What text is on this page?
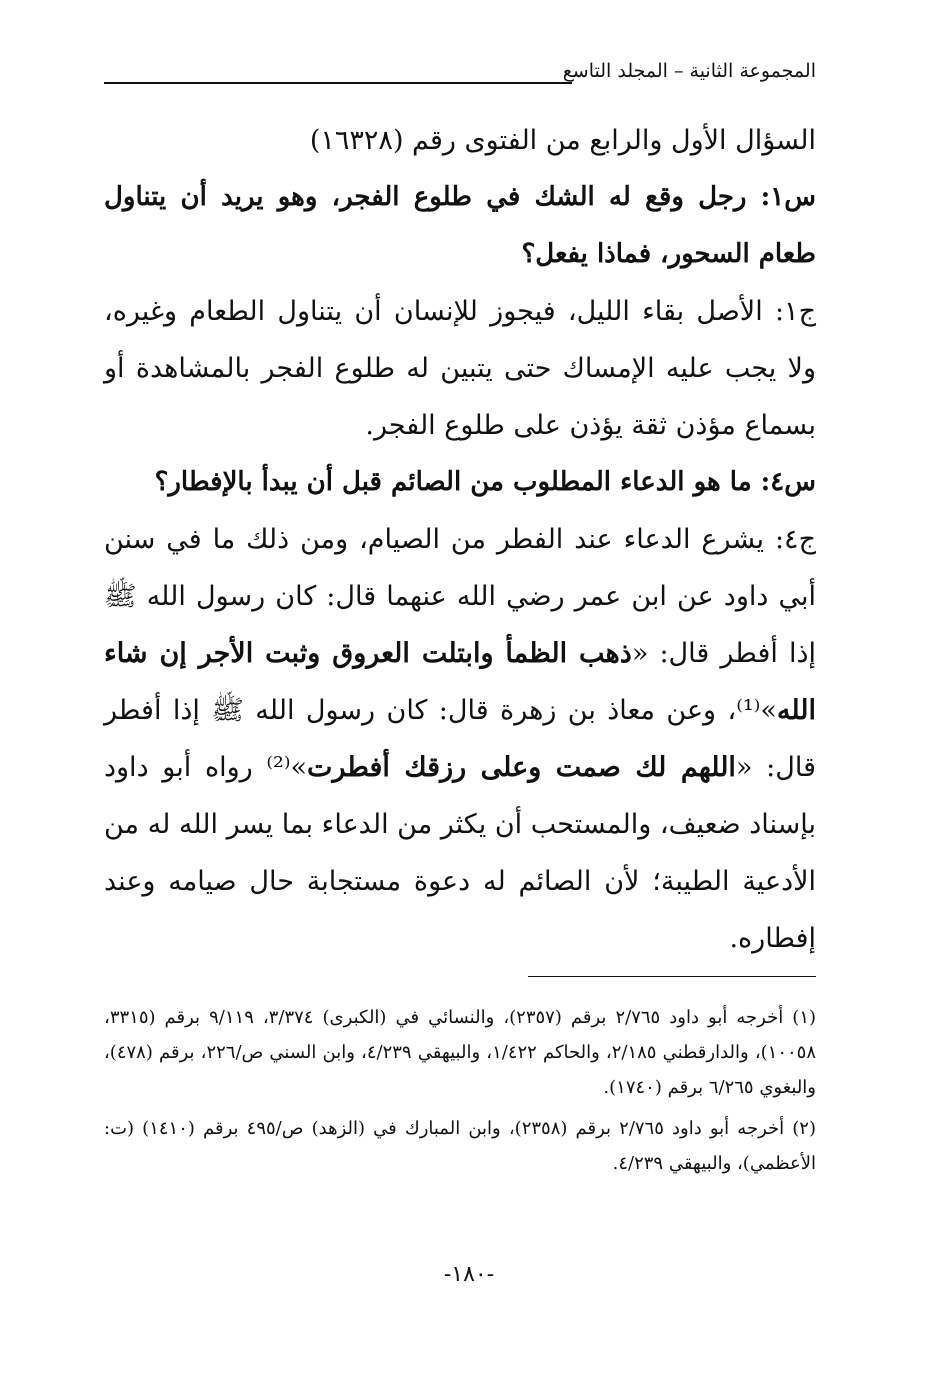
المجموعة الثانية – المجلد التاسع

السؤال الأول والرابع من الفتوى رقم (١٦٣٢٨)

س١: رجل وقع له الشك في طلوع الفجر، وهو يريد أن يتناول طعام السحور، فماذا يفعل؟

ج١: الأصل بقاء الليل، فيجوز للإنسان أن يتناول الطعام وغيره، ولا يجب عليه الإمساك حتى يتبين له طلوع الفجر بالمشاهدة أو بسماع مؤذن ثقة يؤذن على طلوع الفجر.

س٤: ما هو الدعاء المطلوب من الصائم قبل أن يبدأ بالإفطار؟

ج٤: يشرع الدعاء عند الفطر من الصيام، ومن ذلك ما في سنن أبي داود عن ابن عمر رضي الله عنهما قال: كان رسول الله ﷺ إذا أفطر قال: «ذهب الظمأ وابتلت العروق وثبت الأجر إن شاء الله»⁽¹⁾، وعن معاذ بن زهرة قال: كان رسول الله ﷺ إذا أفطر قال: «اللهم لك صمت وعلى رزقك أفطرت»⁽²⁾ رواه أبو داود بإسناد ضعيف، والمستحب أن يكثر من الدعاء بما يسر الله له من الأدعية الطيبة؛ لأن الصائم له دعوة مستجابة حال صيامه وعند إفطاره.

(١) أخرجه أبو داود ٢/٧٦٥ برقم (٢٣٥٧)، والنسائي في (الكبرى) ٣/٣٧٤، ٩/١١٩ برقم (٣٣١٥، ١٠٠٥٨)، والدارقطني ٢/١٨٥، والحاكم ١/٤٢٢، والبيهقي ٤/٢٣٩، وابن السني ص/٢٢٦، برقم (٤٧٨)، والبغوي ٦/٢٦٥ برقم (١٧٤٠).

(٢) أخرجه أبو داود ٢/٧٦٥ برقم (٢٣٥٨)، وابن المبارك في (الزهد) ص/٤٩٥ برقم (١٤١٠) (ت: الأعظمي)، والبيهقي ٤/٢٣٩.

-١٨٠-
